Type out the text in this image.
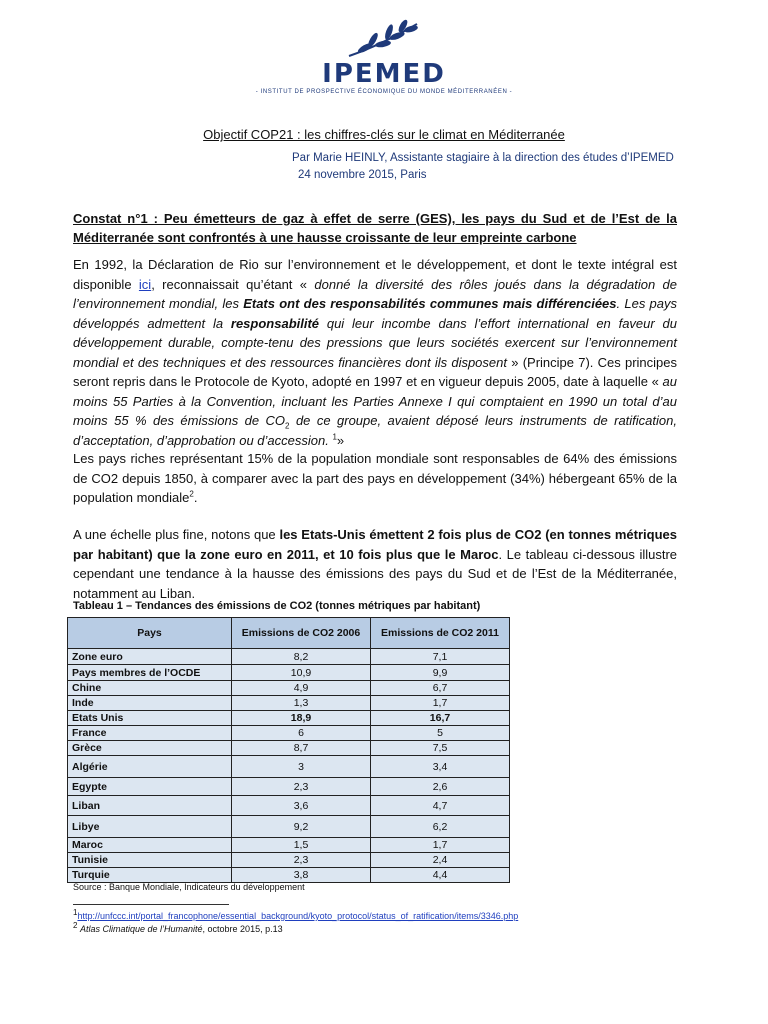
IPEMED
- INSTITUT DE PROSPECTIVE ÉCONOMIQUE DU MONDE MÉDITERRANÉEN -
Objectif COP21 : les chiffres-clés sur le climat en Méditerranée
Par Marie HEINLY, Assistante stagiaire à la direction des études d’IPEMED
24 novembre 2015, Paris
Constat n°1 : Peu émetteurs de gaz à effet de serre (GES), les pays du Sud et de l’Est de la Méditerranée sont confrontés à une hausse croissante de leur empreinte carbone
En 1992, la Déclaration de Rio sur l’environnement et le développement, et dont le texte intégral est disponible ici, reconnaissait qu’étant « donné la diversité des rôles joués dans la dégradation de l’environnement mondial, les Etats ont des responsabilités communes mais différenciées. Les pays développés admettent la responsabilité qui leur incombe dans l’effort international en faveur du développement durable, compte-tenu des pressions que leurs sociétés exercent sur l’environnement mondial et des techniques et des ressources financières dont ils disposent » (Principe 7). Ces principes seront repris dans le Protocole de Kyoto, adopté en 1997 et en vigueur depuis 2005, date à laquelle « au moins 55 Parties à la Convention, incluant les Parties Annexe I qui comptaient en 1990 un total d’au moins 55 % des émissions de $CO_2$ de ce groupe, avaient déposé leurs instruments de ratification, d’acceptation, d’approbation ou d’accession. $^1$»
Les pays riches représentant 15% de la population mondiale sont responsables de 64% des émissions de CO2 depuis 1850, à comparer avec la part des pays en développement (34%) hébergeant 65% de la population mondiale$^2$.
A une échelle plus fine, notons que les Etats-Unis émettent 2 fois plus de CO2 (en tonnes métriques par habitant) que la zone euro en 2011, et 10 fois plus que le Maroc. Le tableau ci-dessous illustre cependant une tendance à la hausse des émissions des pays du Sud et de l’Est de la Méditerranée, notamment au Liban.
Tableau 1 – Tendances des émissions de CO2 (tonnes métriques par habitant)
Pays	Emissions de CO2 2006	Emissions de CO2 2011
Zone euro	8,2	7,1
Pays membres de l’OCDE	10,9	9,9
Chine	4,9	6,7
Inde	1,3	1,7
Etats Unis	18,9	16,7
France	6	5
Grèce	8,7	7,5
Algérie	3	3,4
Egypte	2,3	2,6
Liban	3,6	4,7
Libye	9,2	6,2
Maroc	1,5	1,7
Tunisie	2,3	2,4
Turquie	3,8	4,4
Source : Banque Mondiale, Indicateurs du développement
$^1$http://unfccc.int/portal_francophone/essential_background/kyoto_protocol/status_of_ratification/items/3346.php
$^2$ Atlas Climatique de l’Humanité, octobre 2015, p.13
